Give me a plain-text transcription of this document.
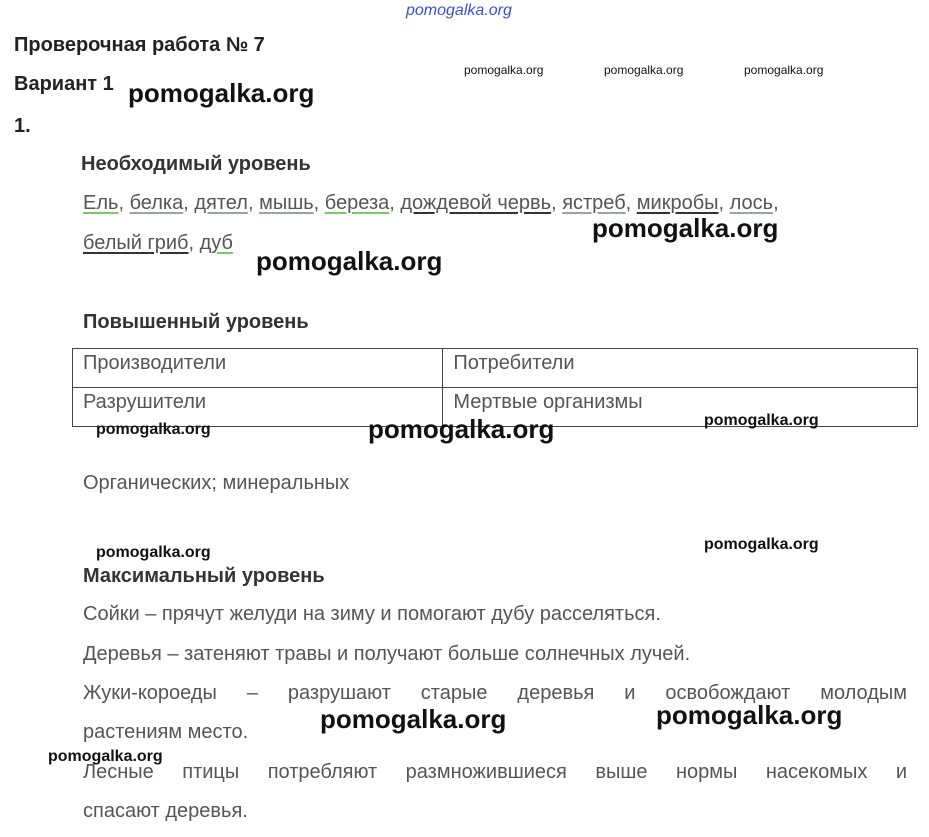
pomogalka.org
pomogalka.org	pomogalka.org	pomogalka.org
Проверочная работа № 7
Вариант 1 pomogalka.org
1.
Необходимый уровень
Ель, белка, дятел, мышь, береза, дождевой червь, ястреб, микробы, лось,
белый гриб, дуб	pomogalka.org
pomogalka.org
Повышенный уровень
Производители	Потребители
Разрушители	Мертвые организмы
pomogalka.org	pomogalka.org	pomogalka.org
Органических; минеральных
pomogalka.org	pomogalka.org
Максимальный уровень
Сойки – прячут желуди на зиму и помогают дубу расселяться.
Деревья – затеняют травы и получают больше солнечных лучей.
Жуки-короеды – разрушают старые деревья и освобождают молодым
растениям место.
Лесные птицы потребляют размножившиеся выше нормы насекомых и
спасают деревья.
pomogalka.org	pomogalka.org
pomogalka.org
